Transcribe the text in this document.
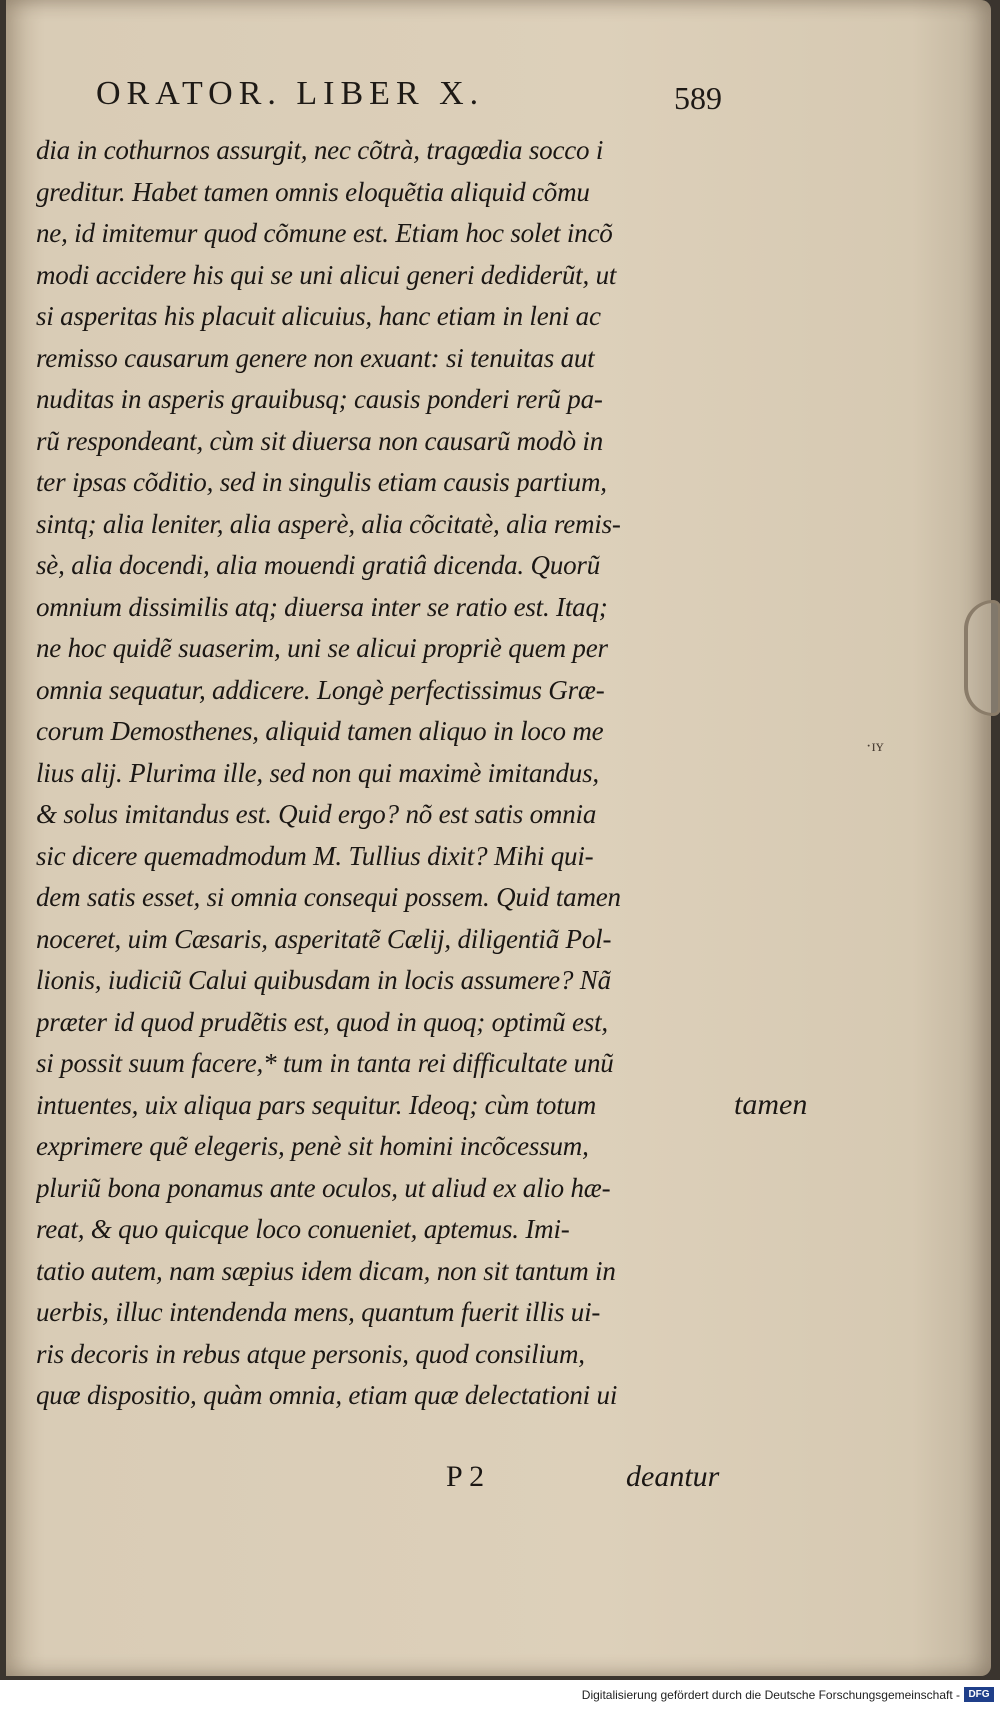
ORATOR. LIBER X.	589
dia in cothurnos assurgit, nec cõtrà, tragœdia socco i
greditur. Habet tamen omnis eloquẽtia aliquid cõmu
ne, id imitemur quod cõmune est. Etiam hoc solet incõ
modi accidere his qui se uni alicui generi dediderũt, ut
si asperitas his placuit alicuius, hanc etiam in leni ac
remisso causarum genere non exuant: si tenuitas aut
nuditas in asperis grauibusq; causis ponderi rerũ pa-
rũ respondeant, cùm sit diuersa non causarũ modò in
ter ipsas cõditio, sed in singulis etiam causis partium,
sintq; alia leniter, alia asperè, alia cõcitatè, alia remis-
sè, alia docendi, alia mouendi gratiâ dicenda. Quorũ
omnium dissimilis atq; diuersa inter se ratio est. Itaq;
ne hoc quidẽ suaserim, uni se alicui propriè quem per
omnia sequatur, addicere. Longè perfectissimus Græ-
corum Demosthenes, aliquid tamen aliquo in loco me
lius alij. Plurima ille, sed non qui maximè imitandus,
& solus imitandus est. Quid ergo? nõ est satis omnia
sic dicere quemadmodum M. Tullius dixit? Mihi qui-
dem satis esset, si omnia consequi possem. Quid tamen
noceret, uim Cæsaris, asperitatẽ Cælij, diligentiã Pol-
lionis, iudiciũ Calui quibusdam in locis assumere? Nã
præter id quod prudẽtis est, quod in quoq; optimũ est,
si possit suum facere,* tum in tanta rei difficultate unũ
intuentes, uix aliqua pars sequitur. Ideoq; cùm totum
exprimere quẽ elegeris, penè sit homini incõcessum,
pluriũ bona ponamus ante oculos, ut aliud ex alio hæ-
reat, & quo quicque loco conueniet, aptemus. Imi-
tatio autem, nam sæpius idem dicam, non sit tantum in
uerbis, illuc intendenda mens, quantum fuerit illis ui-
ris decoris in rebus atque personis, quod consilium,
quæ dispositio, quàm omnia, etiam quæ delectationi ui
tamen
·ɪʏ
P 2	deantur
Digitalisierung gefördert durch die Deutsche Forschungsgemeinschaft - DFG
